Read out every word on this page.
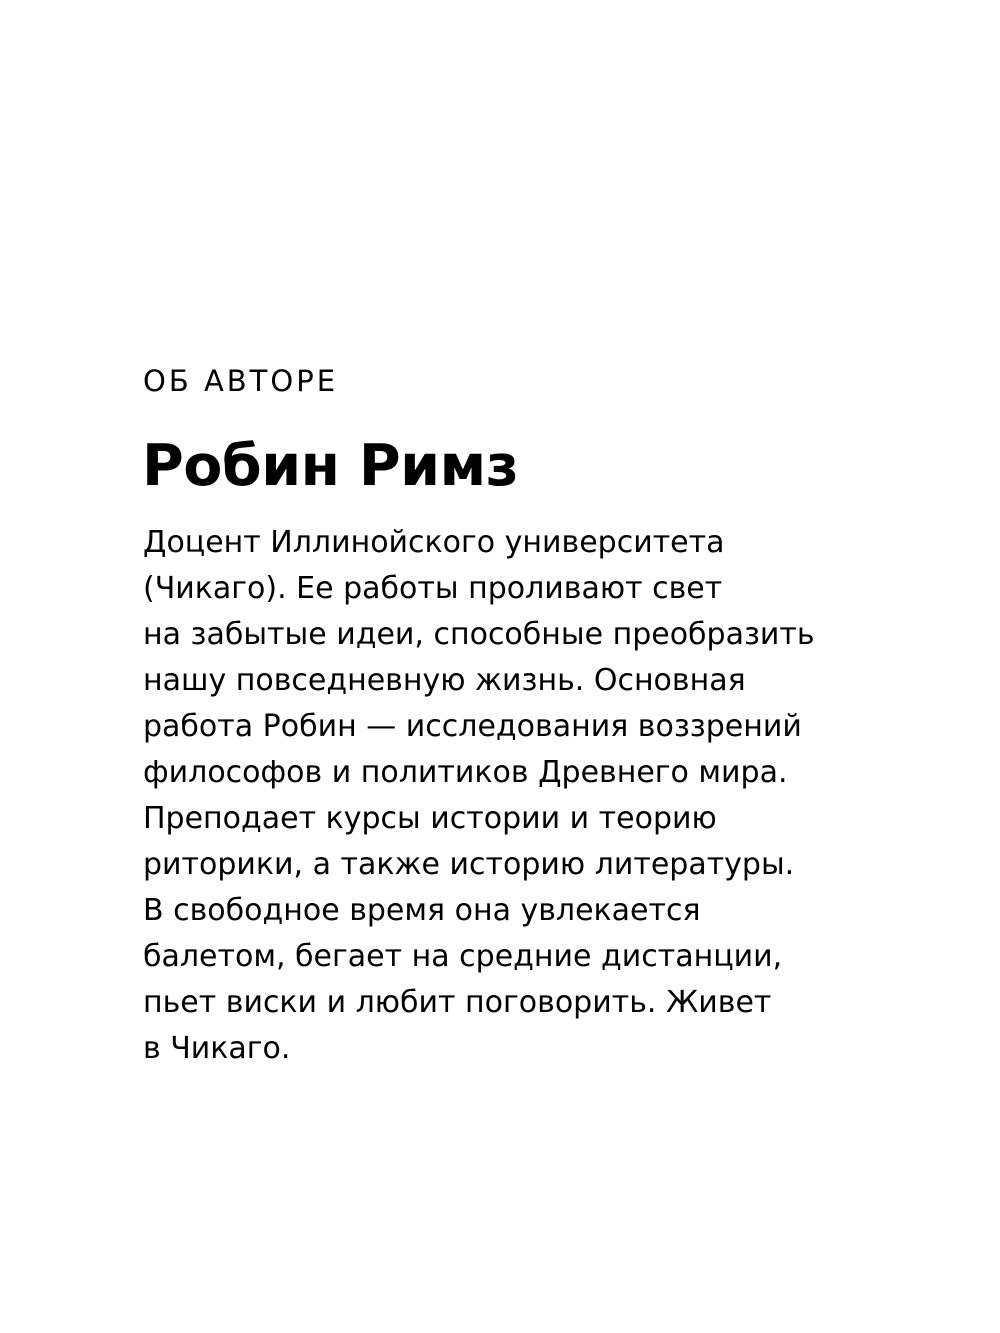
ОБ АВТОРЕ
Робин Римз
Доцент Иллинойского университета
(Чикаго). Ее работы проливают свет
на забытые идеи, способные преобразить
нашу повседневную жизнь. Основная
работа Робин — исследования воззрений
философов и политиков Древнего мира.
Преподает курсы истории и теорию
риторики, а также историю литературы.
В свободное время она увлекается
балетом, бегает на средние дистанции,
пьет виски и любит поговорить. Живет
в Чикаго.
